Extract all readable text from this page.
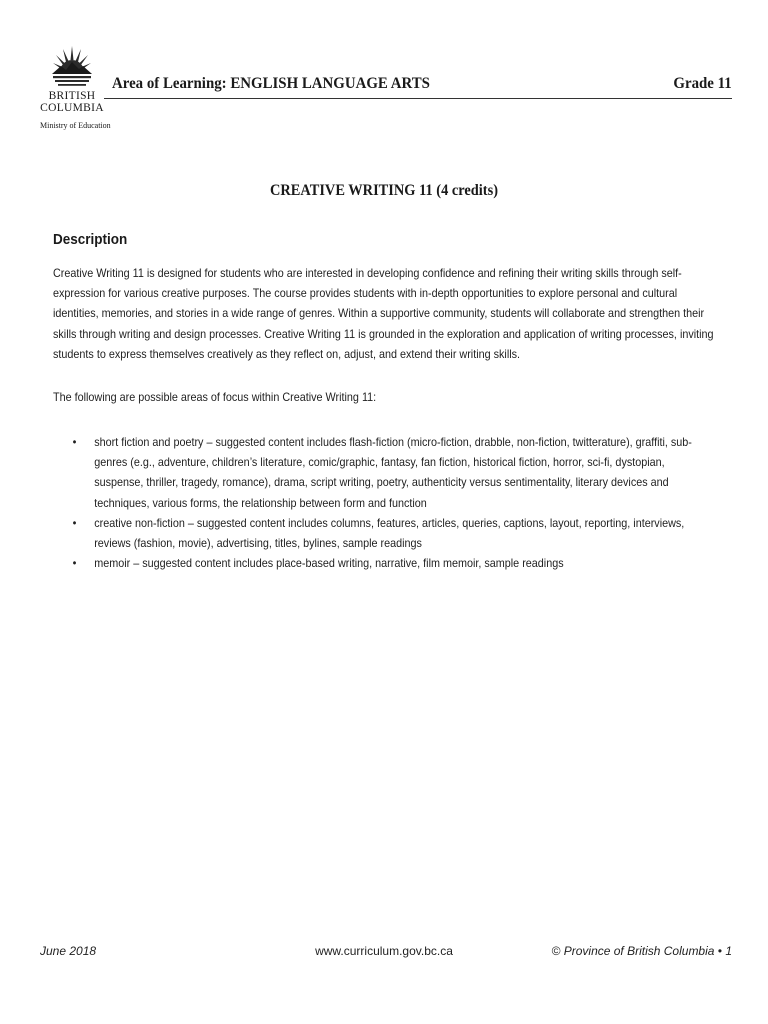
BRITISH
COLUMBIA
Ministry of Education
Area of Learning: ENGLISH LANGUAGE ARTS	Grade 11
CREATIVE WRITING 11 (4 credits)
Description
Creative Writing 11 is designed for students who are interested in developing confidence and refining their writing skills through self-expression for various creative purposes. The course provides students with in-depth opportunities to explore personal and cultural identities, memories, and stories in a wide range of genres. Within a supportive community, students will collaborate and strengthen their skills through writing and design processes. Creative Writing 11 is grounded in the exploration and application of writing processes, inviting students to express themselves creatively as they reflect on, adjust, and extend their writing skills.
The following are possible areas of focus within Creative Writing 11:
• short fiction and poetry – suggested content includes flash-fiction (micro-fiction, drabble, non-fiction, twitterature), graffiti, sub-genres (e.g., adventure, children’s literature, comic/graphic, fantasy, fan fiction, historical fiction, horror, sci-fi, dystopian, suspense, thriller, tragedy, romance), drama, script writing, poetry, authenticity versus sentimentality, literary devices and techniques, various forms, the relationship between form and function
• creative non-fiction – suggested content includes columns, features, articles, queries, captions, layout, reporting, interviews, reviews (fashion, movie), advertising, titles, bylines, sample readings
• memoir – suggested content includes place-based writing, narrative, film memoir, sample readings
June 2018	www.curriculum.gov.bc.ca	© Province of British Columbia • 1
